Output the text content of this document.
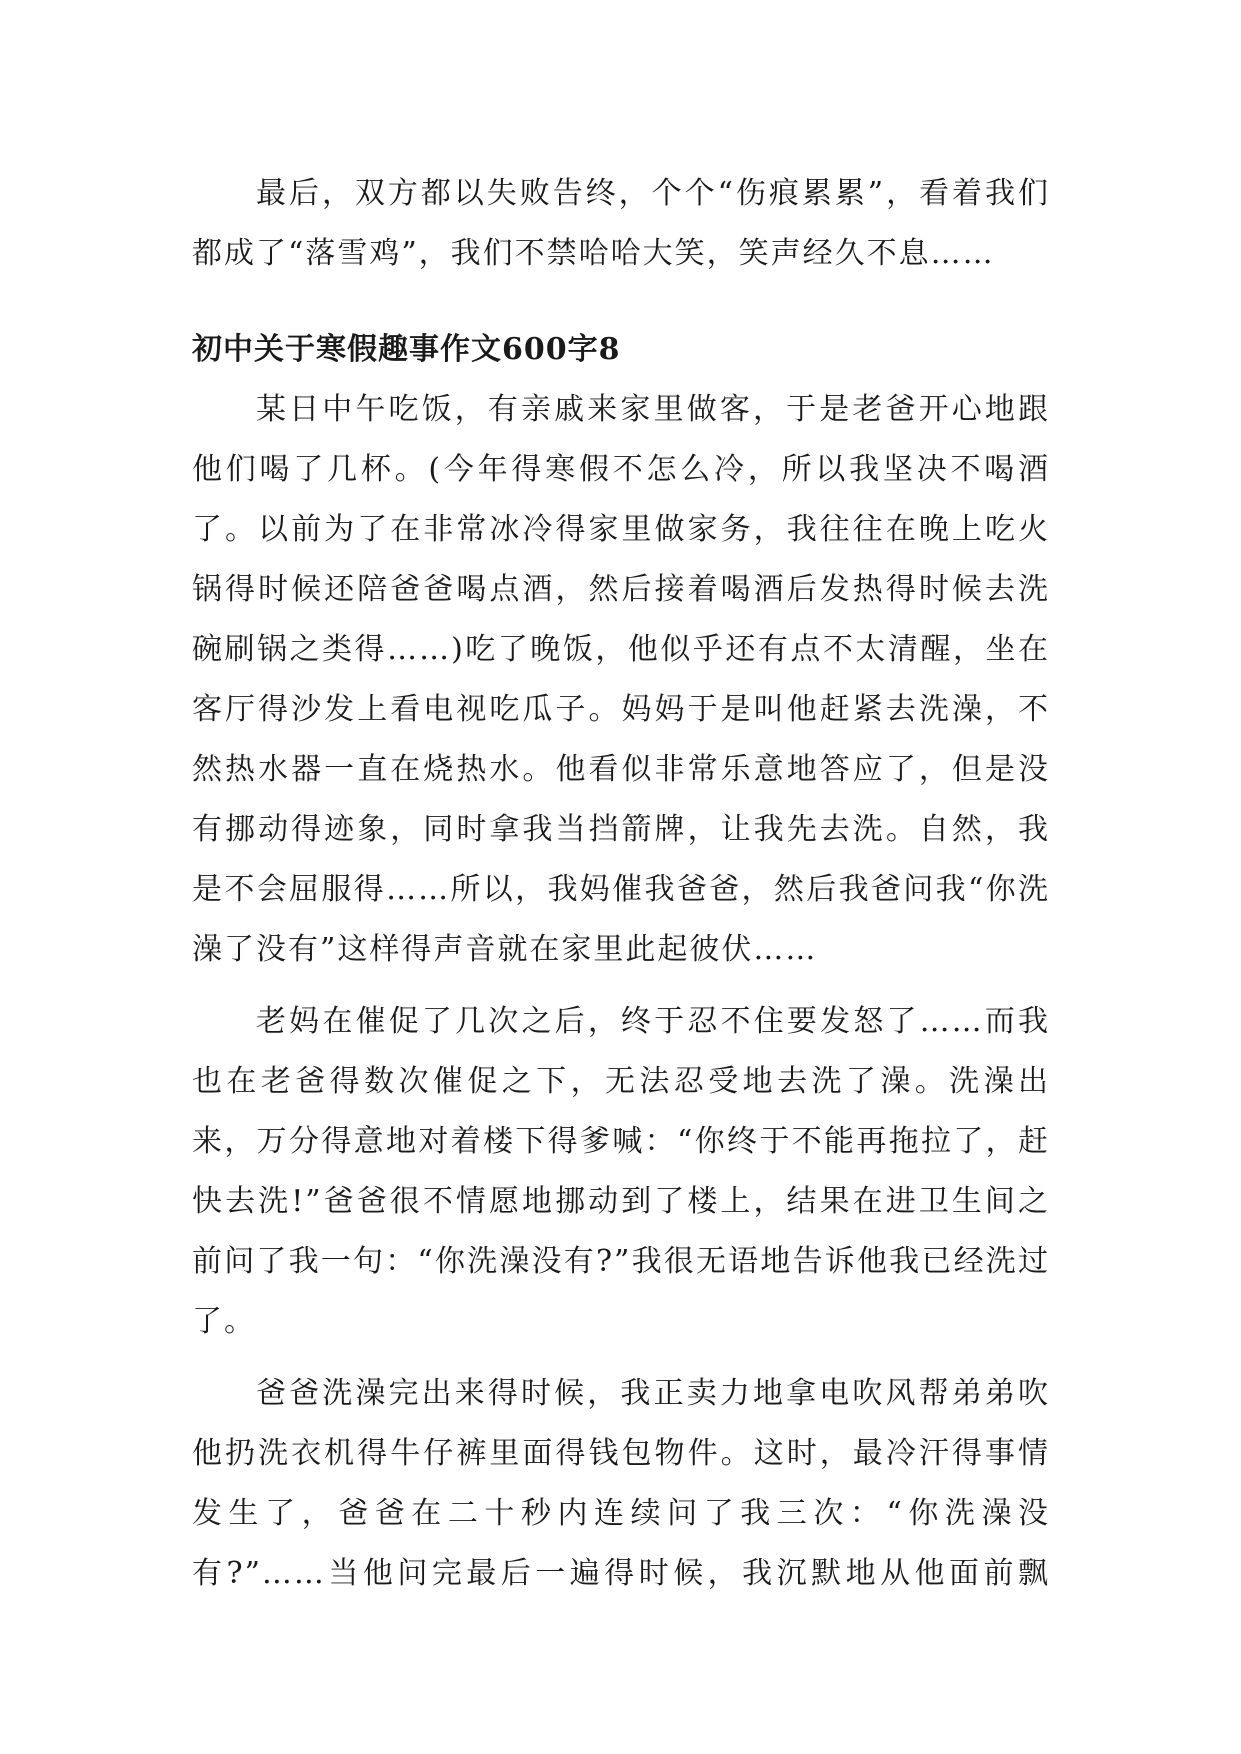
最后，双方都以失败告终，个个“伤痕累累”，看着我们都成了“落雪鸡”，我们不禁哈哈大笑，笑声经久不息……

初中关于寒假趣事作文600字8

某日中午吃饭，有亲戚来家里做客，于是老爸开心地跟他们喝了几杯。(今年得寒假不怎么冷，所以我坚决不喝酒了。以前为了在非常冰冷得家里做家务，我往往在晚上吃火锅得时候还陪爸爸喝点酒，然后接着喝酒后发热得时候去洗碗刷锅之类得……)吃了晚饭，他似乎还有点不太清醒，坐在客厅得沙发上看电视吃瓜子。妈妈于是叫他赶紧去洗澡，不然热水器一直在烧热水。他看似非常乐意地答应了，但是没有挪动得迹象，同时拿我当挡箭牌，让我先去洗。自然，我是不会屈服得……所以，我妈催我爸爸，然后我爸问我“你洗澡了没有”这样得声音就在家里此起彼伏……

老妈在催促了几次之后，终于忍不住要发怒了……而我也在老爸得数次催促之下，无法忍受地去洗了澡。洗澡出来，万分得意地对着楼下得爹喊：“你终于不能再拖拉了，赶快去洗!”爸爸很不情愿地挪动到了楼上，结果在进卫生间之前问了我一句：“你洗澡没有?”我很无语地告诉他我已经洗过了。

爸爸洗澡完出来得时候，我正卖力地拿电吹风帮弟弟吹他扔洗衣机得牛仔裤里面得钱包物件。这时，最冷汗得事情发生了，爸爸在二十秒内连续问了我三次：“你洗澡没有?”……当他问完最后一遍得时候，我沉默地从他面前飘
